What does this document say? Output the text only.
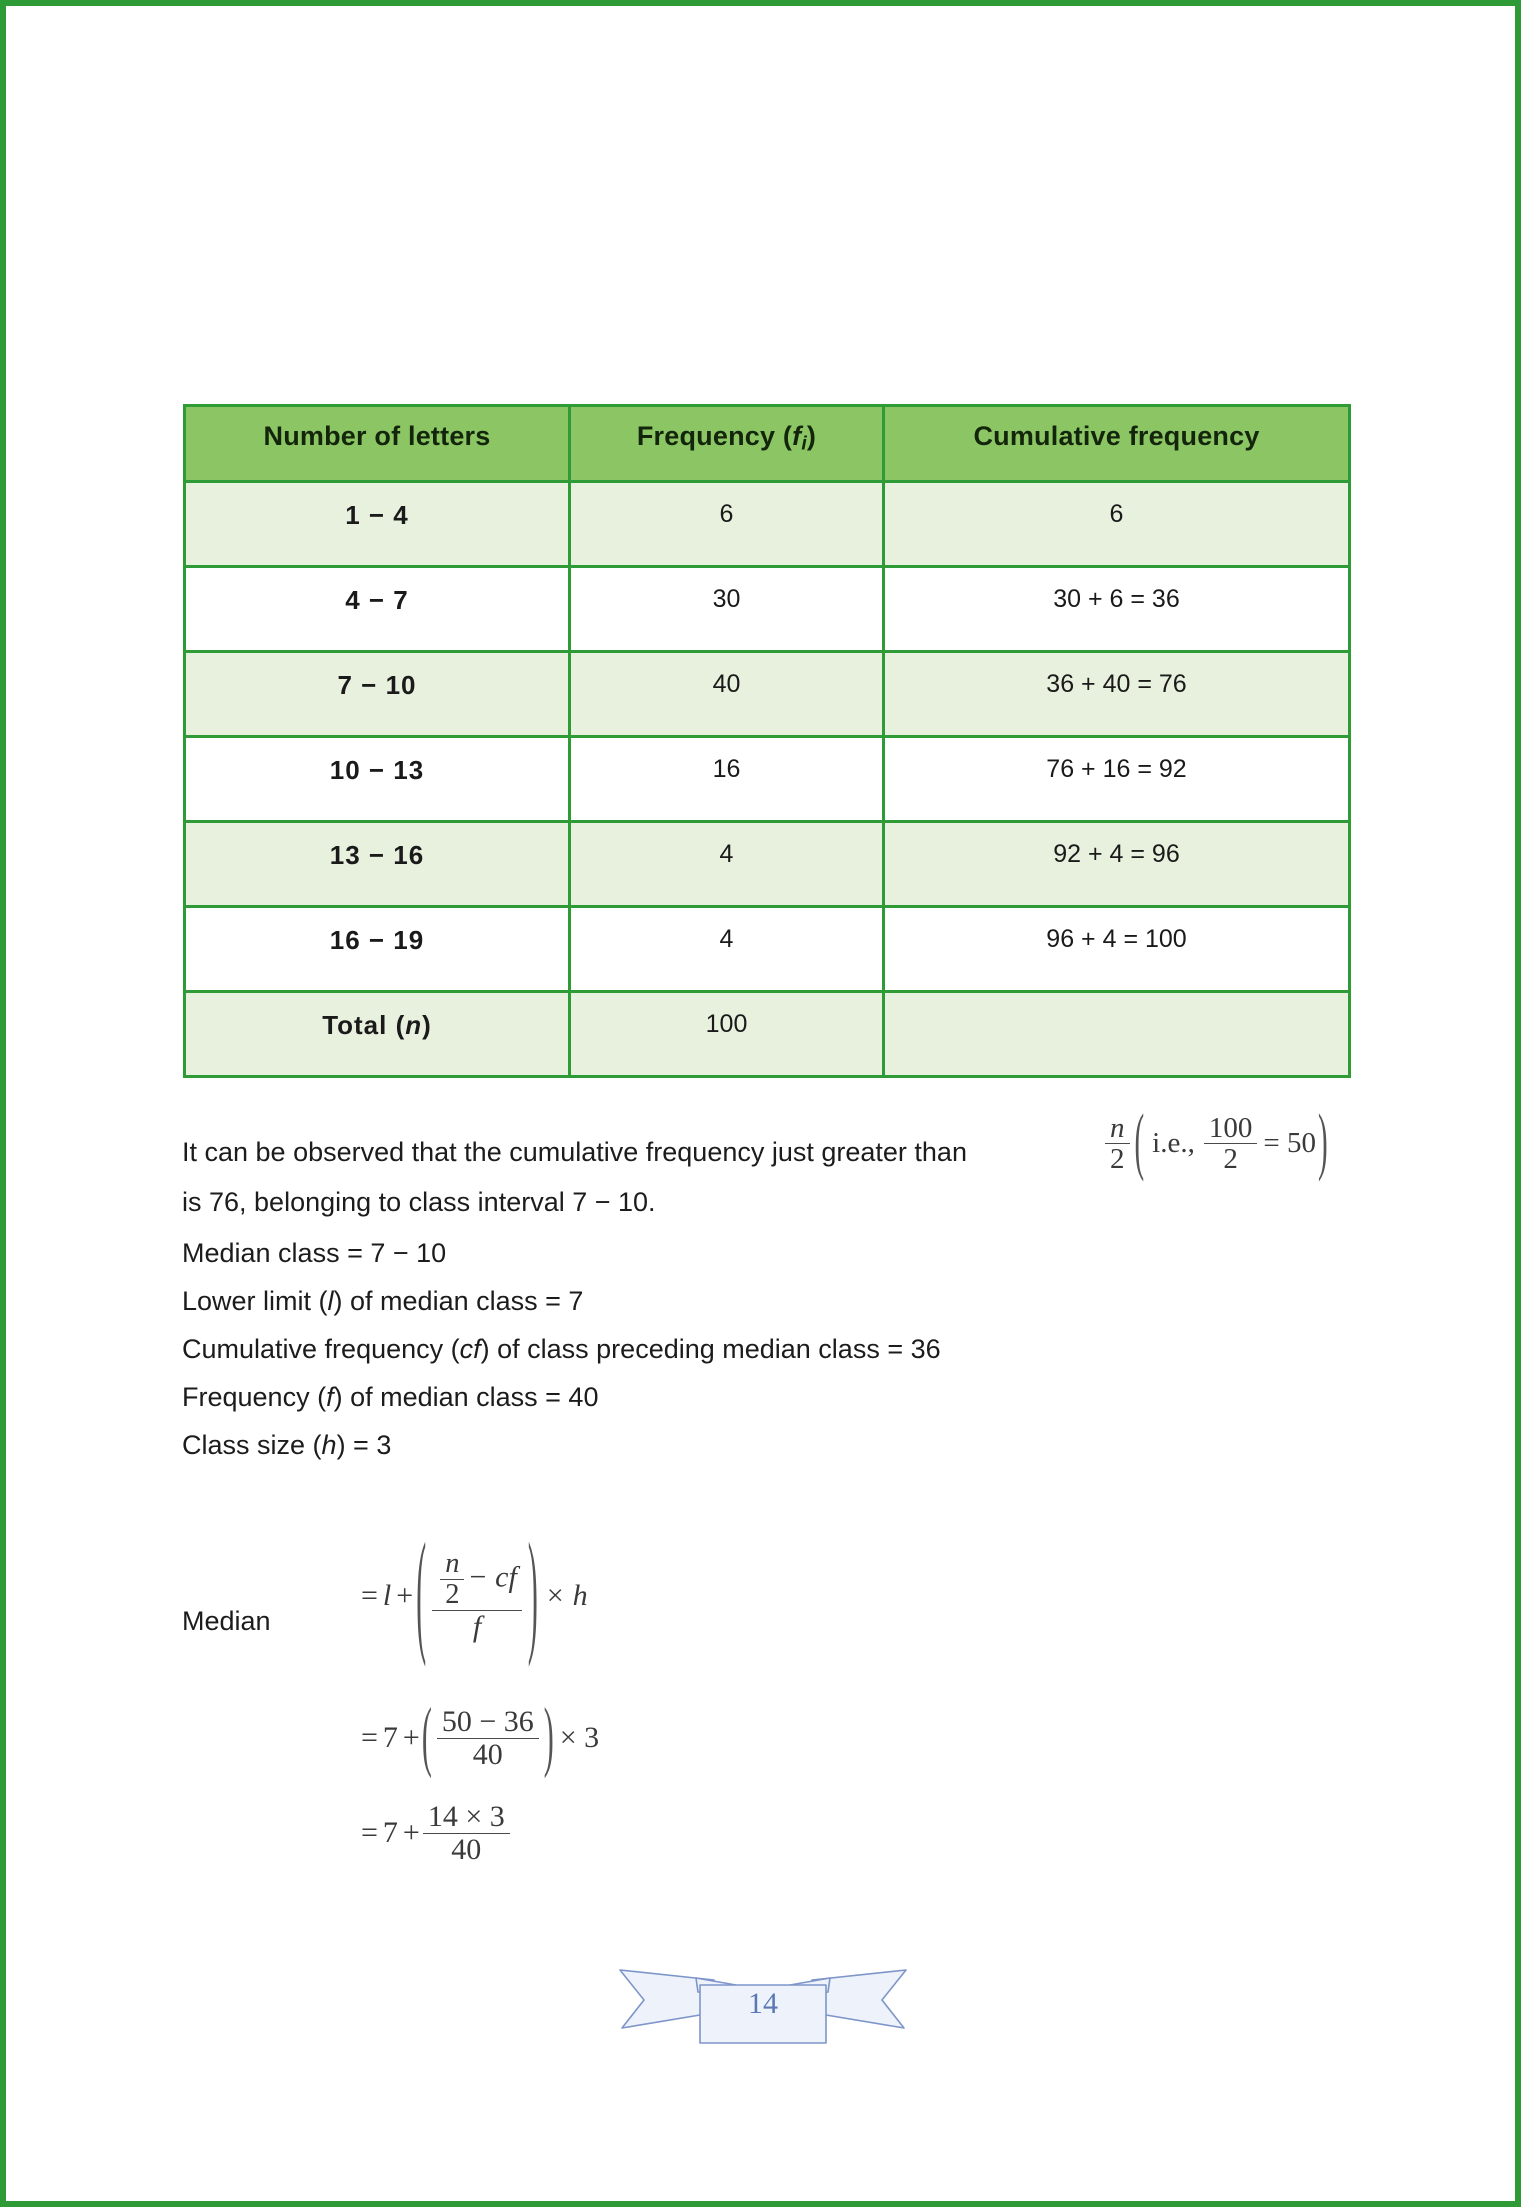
Number of letters	Frequency $(f_i)$	Cumulative frequency
1 − 4	6	6
4 − 7	30	30 + 6 = 36
7 − 10	40	36 + 40 = 76
10 − 13	16	76 + 16 = 92
13 − 16	4	92 + 4 = 96
16 − 19	4	96 + 4 = 100
Total (n)	100	
It can be observed that the cumulative frequency just greater than
is 76, belonging to class interval 7 − 10.
Median class = 7 − 10
Lower limit (l) of median class = 7
Cumulative frequency (cf) of class preceding median class = 36
Frequency (f) of median class = 40
Class size (h) = 3
$\frac{n}{2}$ ( i.e., $\frac{100}{2} = 50$ )
Median
= l + ( $\frac{\frac{n}{2} - cf}{f}$ ) × h
= 7 + ( $\frac{50 - 36}{40}$ ) × 3
= $7 + \frac{14 \times 3}{40}$
14
